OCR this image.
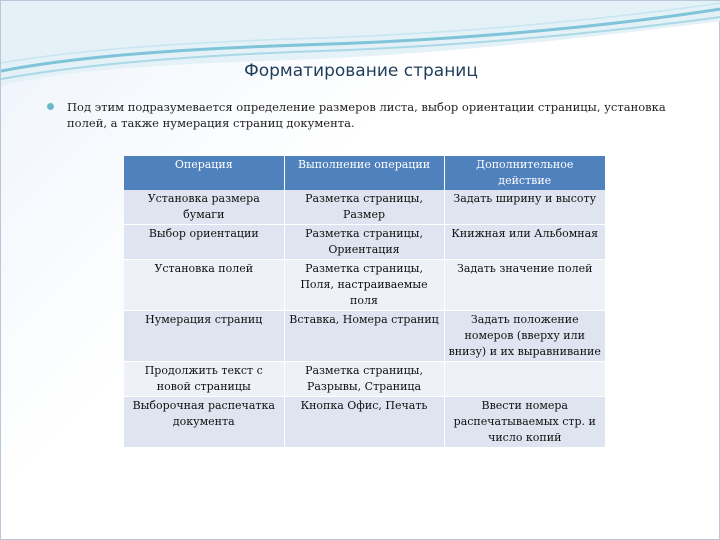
Форматирование страниц
Под этим подразумевается определение размеров листа, выбор ориентации страницы, установка полей, а также нумерация страниц документа.
Операция	Выполнение операции	Дополнительное действие
Установка размера бумаги	Разметка страницы, Размер	Задать ширину и высоту
Выбор ориентации	Разметка страницы, Ориентация	Книжная или Альбомная
Установка полей	Разметка страницы, Поля, настраиваемые поля	Задать значение полей
Нумерация страниц	Вставка, Номера страниц	Задать положение номеров (вверху или внизу) и их выравнивание
Продолжить текст с новой страницы	Разметка страницы, Разрывы, Страница	
Выборочная распечатка документа	Кнопка Офис, Печать	Ввести номера распечатываемых стр. и число копий
